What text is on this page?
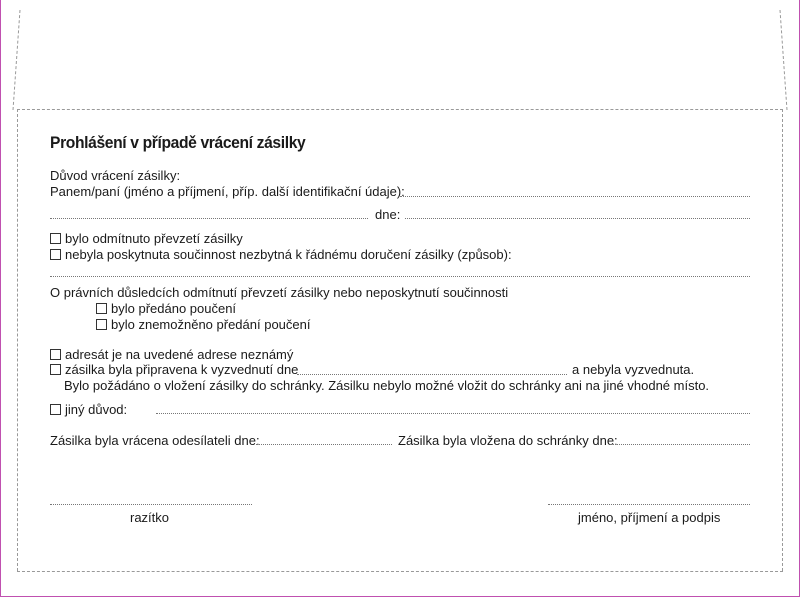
Prohlášení v případě vrácení zásilky
Důvod vrácení zásilky:
Panem/paní (jméno a příjmení, příp. další identifikační údaje):
dne:
bylo odmítnuto převzetí zásilky
nebyla poskytnuta součinnost nezbytná k řádnému doručení zásilky (způsob):
O právních důsledcích odmítnutí převzetí zásilky nebo neposkytnutí součinnosti
bylo předáno poučení
bylo znemožněno předání poučení
adresát je na uvedené adrese neznámý
zásilka byla připravena k vyzvednutí dne	a nebyla vyzvednuta.
Bylo požádáno o vložení zásilky do schránky. Zásilku nebylo možné vložit do schránky ani na jiné vhodné místo.
jiný důvod:
Zásilka byla vrácena odesílateli dne:	Zásilka byla vložena do schránky dne:
razítko	jméno, příjmení a podpis
